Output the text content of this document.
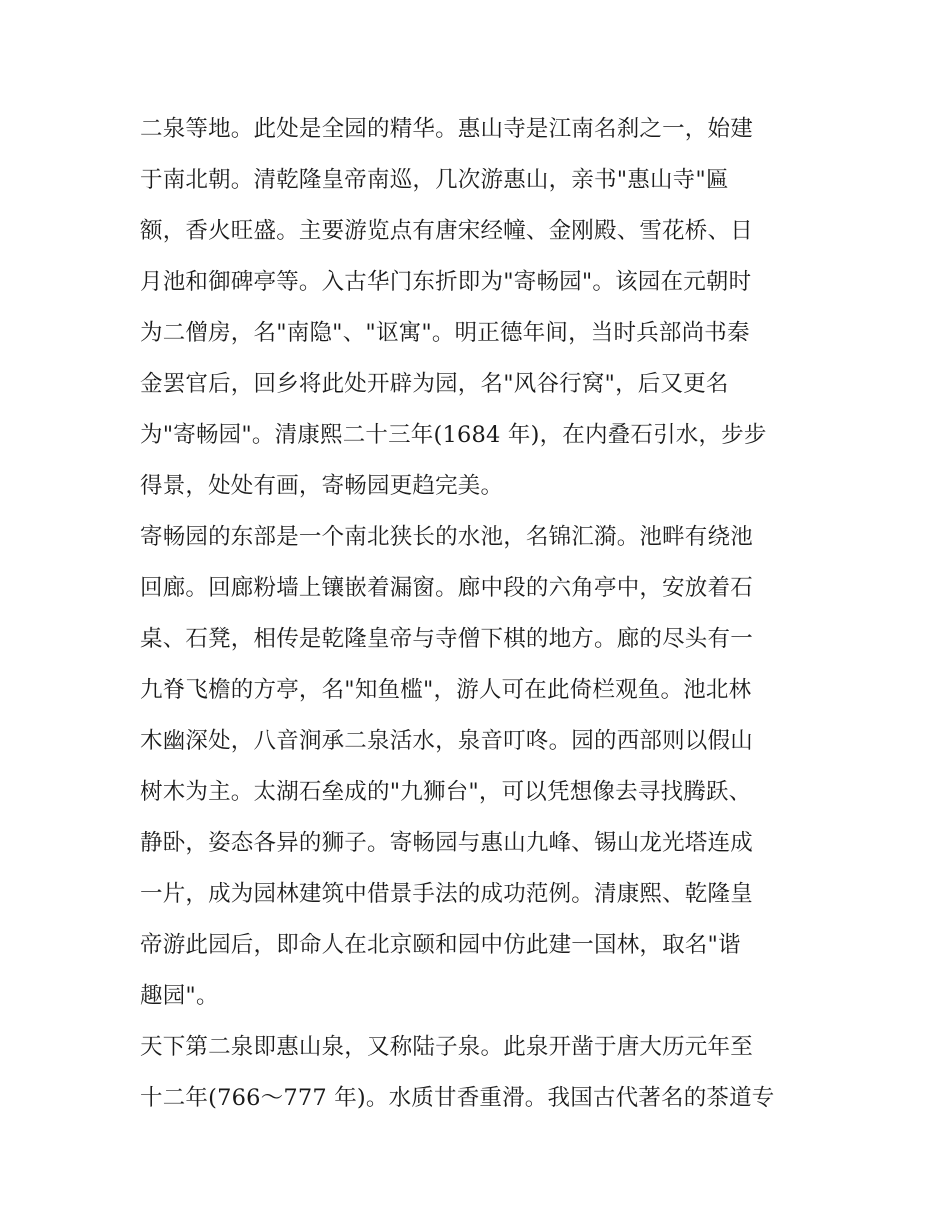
二泉等地。此处是全园的精华。惠山寺是江南名刹之一，始建
于南北朝。清乾隆皇帝南巡，几次游惠山，亲书"惠山寺"匾
额，香火旺盛。主要游览点有唐宋经幢、金刚殿、雪花桥、日
月池和御碑亭等。入古华门东折即为"寄畅园"。该园在元朝时
为二僧房，名"南隐"、"讴寓"。明正德年间，当时兵部尚书秦
金罢官后，回乡将此处开辟为园，名"风谷行窝"，后又更名
为"寄畅园"。清康熙二十三年(1684 年)，在内叠石引水，步步
得景，处处有画，寄畅园更趋完美。
寄畅园的东部是一个南北狭长的水池，名锦汇漪。池畔有绕池
回廊。回廊粉墙上镶嵌着漏窗。廊中段的六角亭中，安放着石
桌、石凳，相传是乾隆皇帝与寺僧下棋的地方。廊的尽头有一
九脊飞檐的方亭，名"知鱼槛"，游人可在此倚栏观鱼。池北林
木幽深处，八音涧承二泉活水，泉音叮咚。园的西部则以假山
树木为主。太湖石垒成的"九狮台"，可以凭想像去寻找腾跃、
静卧，姿态各异的狮子。寄畅园与惠山九峰、锡山龙光塔连成
一片，成为园林建筑中借景手法的成功范例。清康熙、乾隆皇
帝游此园后，即命人在北京颐和园中仿此建一国林，取名"谐
趣园"。
天下第二泉即惠山泉，又称陆子泉。此泉开凿于唐大历元年至
十二年(766～777 年)。水质甘香重滑。我国古代著名的茶道专
